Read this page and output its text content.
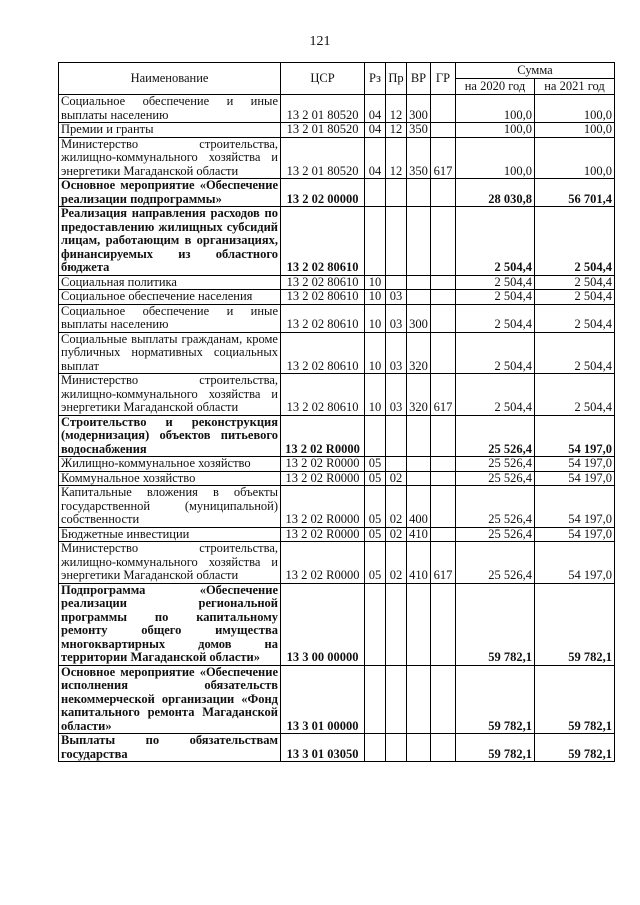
121
Наименование	ЦСР	Рз	Пр	ВР	ГР	Сумма	
						на 2020 год	на 2021 год
Социальное обеспечение и иные выплаты населению	13 2 01 80520	04	12	300		100,0	100,0
Премии и гранты	13 2 01 80520	04	12	350		100,0	100,0
Министерство строительства, жилищно-коммунального хозяйства и энергетики Магаданской области	13 2 01 80520	04	12	350	617	100,0	100,0
Основное мероприятие «Обеспечение реализации подпрограммы»	13 2 02 00000					28 030,8	56 701,4
Реализация направления расходов по предоставлению жилищных субсидий лицам, работающим в организациях, финансируемых из областного бюджета	13 2 02 80610					2 504,4	2 504,4
Социальная политика	13 2 02 80610	10				2 504,4	2 504,4
Социальное обеспечение населения	13 2 02 80610	10	03			2 504,4	2 504,4
Социальное обеспечение и иные выплаты населению	13 2 02 80610	10	03	300		2 504,4	2 504,4
Социальные выплаты гражданам, кроме публичных нормативных социальных выплат	13 2 02 80610	10	03	320		2 504,4	2 504,4
Министерство строительства, жилищно-коммунального хозяйства и энергетики Магаданской области	13 2 02 80610	10	03	320	617	2 504,4	2 504,4
Строительство и реконструкция (модернизация) объектов питьевого водоснабжения	13 2 02 R0000					25 526,4	54 197,0
Жилищно-коммунальное хозяйство	13 2 02 R0000	05				25 526,4	54 197,0
Коммунальное хозяйство	13 2 02 R0000	05	02			25 526,4	54 197,0
Капитальные вложения в объекты государственной (муниципальной) собственности	13 2 02 R0000	05	02	400		25 526,4	54 197,0
Бюджетные инвестиции	13 2 02 R0000	05	02	410		25 526,4	54 197,0
Министерство строительства, жилищно-коммунального хозяйства и энергетики Магаданской области	13 2 02 R0000	05	02	410	617	25 526,4	54 197,0
Подпрограмма «Обеспечение реализации региональной программы по капитальному ремонту общего имущества многоквартирных домов на территории Магаданской области»	13 3 00 00000					59 782,1	59 782,1
Основное мероприятие «Обеспечение исполнения обязательств некоммерческой организации «Фонд капитального ремонта Магаданской области»	13 3 01 00000					59 782,1	59 782,1
Выплаты по обязательствам государства	13 3 01 03050					59 782,1	59 782,1
